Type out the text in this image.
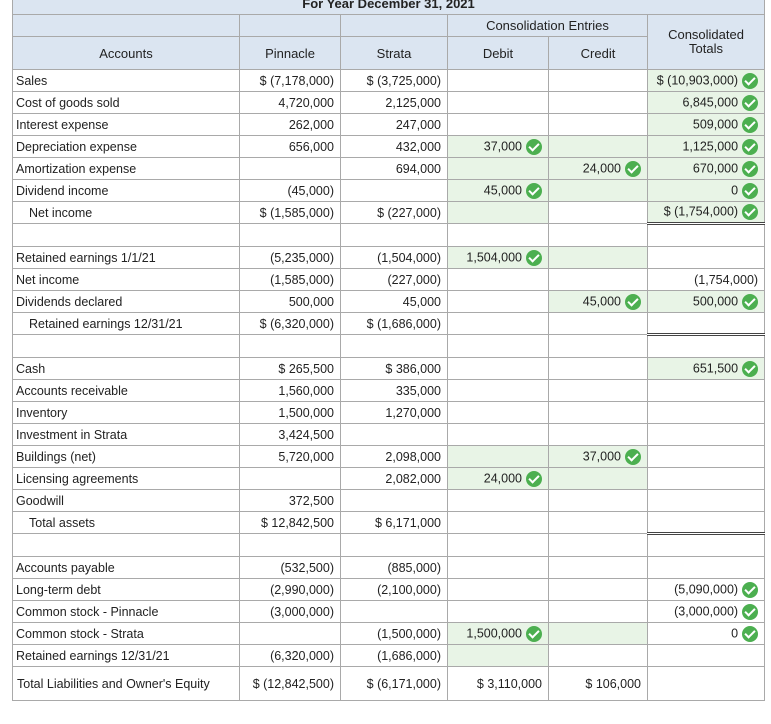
For Year December 31, 2021					
			Consolidation Entries		Consolidated Totals
Accounts	Pinnacle	Strata	Debit	Credit	
Sales	$ (7,178,000)	$ (3,725,000)			$ (10,903,000)
Cost of goods sold	4,720,000	2,125,000			6,845,000
Interest expense	262,000	247,000			509,000
Depreciation expense	656,000	432,000	37,000		1,125,000
Amortization expense		694,000		24,000	670,000
Dividend income	(45,000)		45,000		0
Net income	$ (1,585,000)	$ (227,000)			$ (1,754,000)

Retained earnings 1/1/21	(5,235,000)	(1,504,000)	1,504,000		
Net income	(1,585,000)	(227,000)			(1,754,000)
Dividends declared	500,000	45,000		45,000	500,000
Retained earnings 12/31/21	$ (6,320,000)	$ (1,686,000)			

Cash	$ 265,500	$ 386,000			651,500
Accounts receivable	1,560,000	335,000			
Inventory	1,500,000	1,270,000			
Investment in Strata	3,424,500				
Buildings (net)	5,720,000	2,098,000		37,000	
Licensing agreements		2,082,000	24,000		
Goodwill	372,500				
Total assets	$ 12,842,500	$ 6,171,000			

Accounts payable	(532,500)	(885,000)			
Long-term debt	(2,990,000)	(2,100,000)			(5,090,000)
Common stock - Pinnacle	(3,000,000)				(3,000,000)
Common stock - Strata		(1,500,000)	1,500,000		0
Retained earnings 12/31/21	(6,320,000)	(1,686,000)			
Total Liabilities and Owner's Equity	$ (12,842,500)	$ (6,171,000)	$ 3,110,000	$ 106,000	
